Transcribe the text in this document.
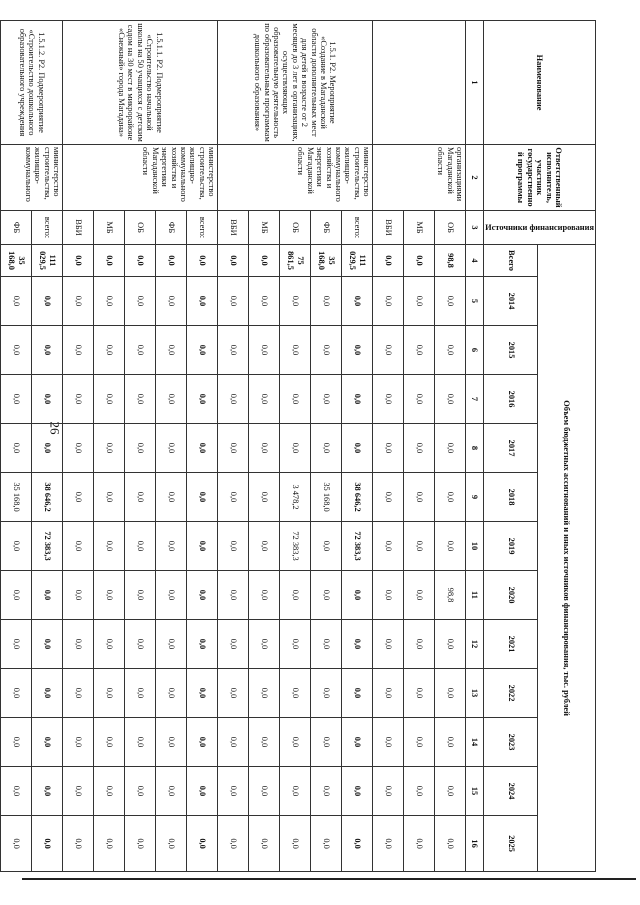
26
Наименование	Ответственный исполнитель, участник государственной программы	Источники финансирования	Объем бюджетных ассигнований и иных источников финансирования, тыс. рублей												
			Всего	2014	2015	2016	2017	2018	2019	2020	2021	2022	2023	2024	2025
1	2	3	4	5	6	7	8	9	10	11	12	13	14	15	16
	организациями Магаданской области	ОБ	98,8	0,0	0,0	0,0	0,0	0,0	0,0	98,8	0,0	0,0	0,0	0,0	0,0
		МБ	0,0	0,0	0,0	0,0	0,0	0,0	0,0	0,0	0,0	0,0	0,0	0,0	0,0
		ВБИ	0,0	0,0	0,0	0,0	0,0	0,0	0,0	0,0	0,0	0,0	0,0	0,0	0,0
1.5.1. Р2. Мероприятие «Создание в Магаданской области дополнительных мест для детей в возрасте от 2 месяцев до 3 лет в организациях, осуществляющих образовательную деятельность по образовательным программам дошкольного образования»	министерство строительства, жилищно-коммунального хозяйства и энергетики Магаданской области	всего:	111 029,5	0,0	0,0	0,0	0,0	38 646,2	72 383,3	0,0	0,0	0,0	0,0	0,0	0,0
		ФБ	35 168,0	0,0	0,0	0,0	0,0	35 168,0	0,0	0,0	0,0	0,0	0,0	0,0	0,0
		ОБ	75 861,5	0,0	0,0	0,0	0,0	3 478,2	72 383,3	0,0	0,0	0,0	0,0	0,0	0,0
		МБ	0,0	0,0	0,0	0,0	0,0	0,0	0,0	0,0	0,0	0,0	0,0	0,0	0,0
		ВБИ	0,0	0,0	0,0	0,0	0,0	0,0	0,0	0,0	0,0	0,0	0,0	0,0	0,0
1.5.1.1. Р2. Подмероприятие «Строительство начальной школы на 50 учащихся с детским садом на 30 мест в микрорайоне «Снежный» города Магадана»	министерство строительства, жилищно-коммунального хозяйства и энергетики Магаданской области	всего:	0,0	0,0	0,0	0,0	0,0	0,0	0,0	0,0	0,0	0,0	0,0	0,0	0,0
		ФБ	0,0	0,0	0,0	0,0	0,0	0,0	0,0	0,0	0,0	0,0	0,0	0,0	0,0
		ОБ	0,0	0,0	0,0	0,0	0,0	0,0	0,0	0,0	0,0	0,0	0,0	0,0	0,0
		МБ	0,0	0,0	0,0	0,0	0,0	0,0	0,0	0,0	0,0	0,0	0,0	0,0	0,0
		ВБИ	0,0	0,0	0,0	0,0	0,0	0,0	0,0	0,0	0,0	0,0	0,0	0,0	0,0
1.5.1.2. Р2. Подмероприятие «Строительство дошкольного образовательного учреждения	министерство строительства, жилищно-коммунального	всего:	111 029,5	0,0	0,0	0,0	0,0	38 646,2	72 383,3	0,0	0,0	0,0	0,0	0,0	0,0
		ФБ	35 168,0	0,0	0,0	0,0	0,0	35 168,0	0,0	0,0	0,0	0,0	0,0	0,0	0,0
